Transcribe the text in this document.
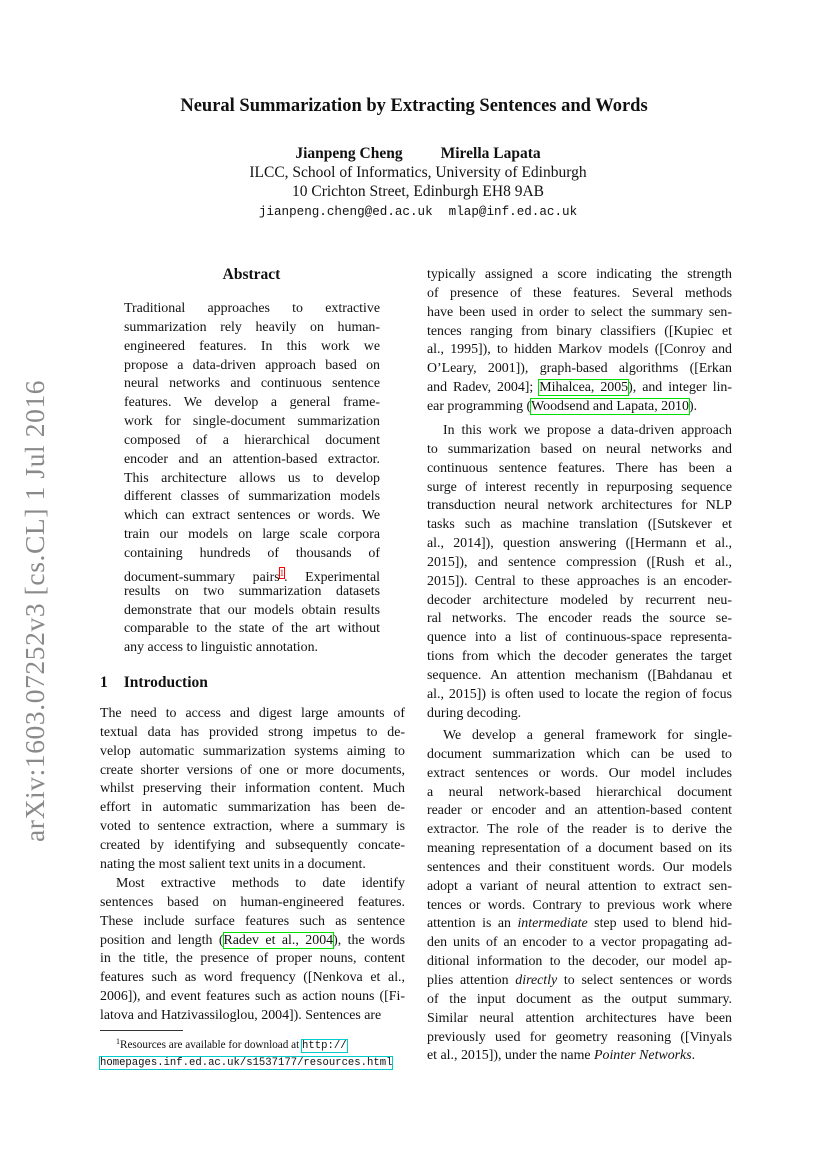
arXiv:1603.07252v3 [cs.CL] 1 Jul 2016
Neural Summarization by Extracting Sentences and Words
Jianpeng Cheng Mirella Lapata
ILCC, School of Informatics, University of Edinburgh
10 Crichton Street, Edinburgh EH8 9AB
jianpeng.cheng@ed.ac.uk mlap@inf.ed.ac.uk
Abstract
Traditional approaches to extractive
summarization rely heavily on human-
engineered features. In this work we
propose a data-driven approach based on
neural networks and continuous sentence
features. We develop a general frame-
work for single-document summarization
composed of a hierarchical document
encoder and an attention-based extractor.
This architecture allows us to develop
different classes of summarization models
which can extract sentences or words. We
train our models on large scale corpora
containing hundreds of thousands of
document-summary pairs$^1$. Experimental
results on two summarization datasets
demonstrate that our models obtain results
comparable to the state of the art without
any access to linguistic annotation.
1 Introduction
The need to access and digest large amounts of
textual data has provided strong impetus to de-
velop automatic summarization systems aiming to
create shorter versions of one or more documents,
whilst preserving their information content. Much
effort in automatic summarization has been de-
voted to sentence extraction, where a summary is
created by identifying and subsequently concate-
nating the most salient text units in a document.
Most extractive methods to date identify
sentences based on human-engineered features.
These include surface features such as sentence
position and length (Radev et al., 2004), the words
in the title, the presence of proper nouns, content
features such as word frequency ([Nenkova et al.,
2006]), and event features such as action nouns ([Fi-
latova and Hatzivassiloglou, 2004]). Sentences are
$^1$Resources are available for download at http://
homepages.inf.ed.ac.uk/s1537177/resources.html
typically assigned a score indicating the strength
of presence of these features. Several methods
have been used in order to select the summary sen-
tences ranging from binary classifiers ([Kupiec et
al., 1995]), to hidden Markov models ([Conroy and
O’Leary, 2001]), graph-based algorithms ([Erkan
and Radev, 2004]; Mihalcea, 2005), and integer lin-
ear programming (Woodsend and Lapata, 2010).
In this work we propose a data-driven approach
to summarization based on neural networks and
continuous sentence features. There has been a
surge of interest recently in repurposing sequence
transduction neural network architectures for NLP
tasks such as machine translation ([Sutskever et
al., 2014]), question answering ([Hermann et al.,
2015]), and sentence compression ([Rush et al.,
2015]). Central to these approaches is an encoder-
decoder architecture modeled by recurrent neu-
ral networks. The encoder reads the source se-
quence into a list of continuous-space representa-
tions from which the decoder generates the target
sequence. An attention mechanism ([Bahdanau et
al., 2015]) is often used to locate the region of focus
during decoding.
We develop a general framework for single-
document summarization which can be used to
extract sentences or words. Our model includes
a neural network-based hierarchical document
reader or encoder and an attention-based content
extractor. The role of the reader is to derive the
meaning representation of a document based on its
sentences and their constituent words. Our models
adopt a variant of neural attention to extract sen-
tences or words. Contrary to previous work where
attention is an intermediate step used to blend hid-
den units of an encoder to a vector propagating ad-
ditional information to the decoder, our model ap-
plies attention directly to select sentences or words
of the input document as the output summary.
Similar neural attention architectures have been
previously used for geometry reasoning ([Vinyals
et al., 2015]), under the name Pointer Networks.
